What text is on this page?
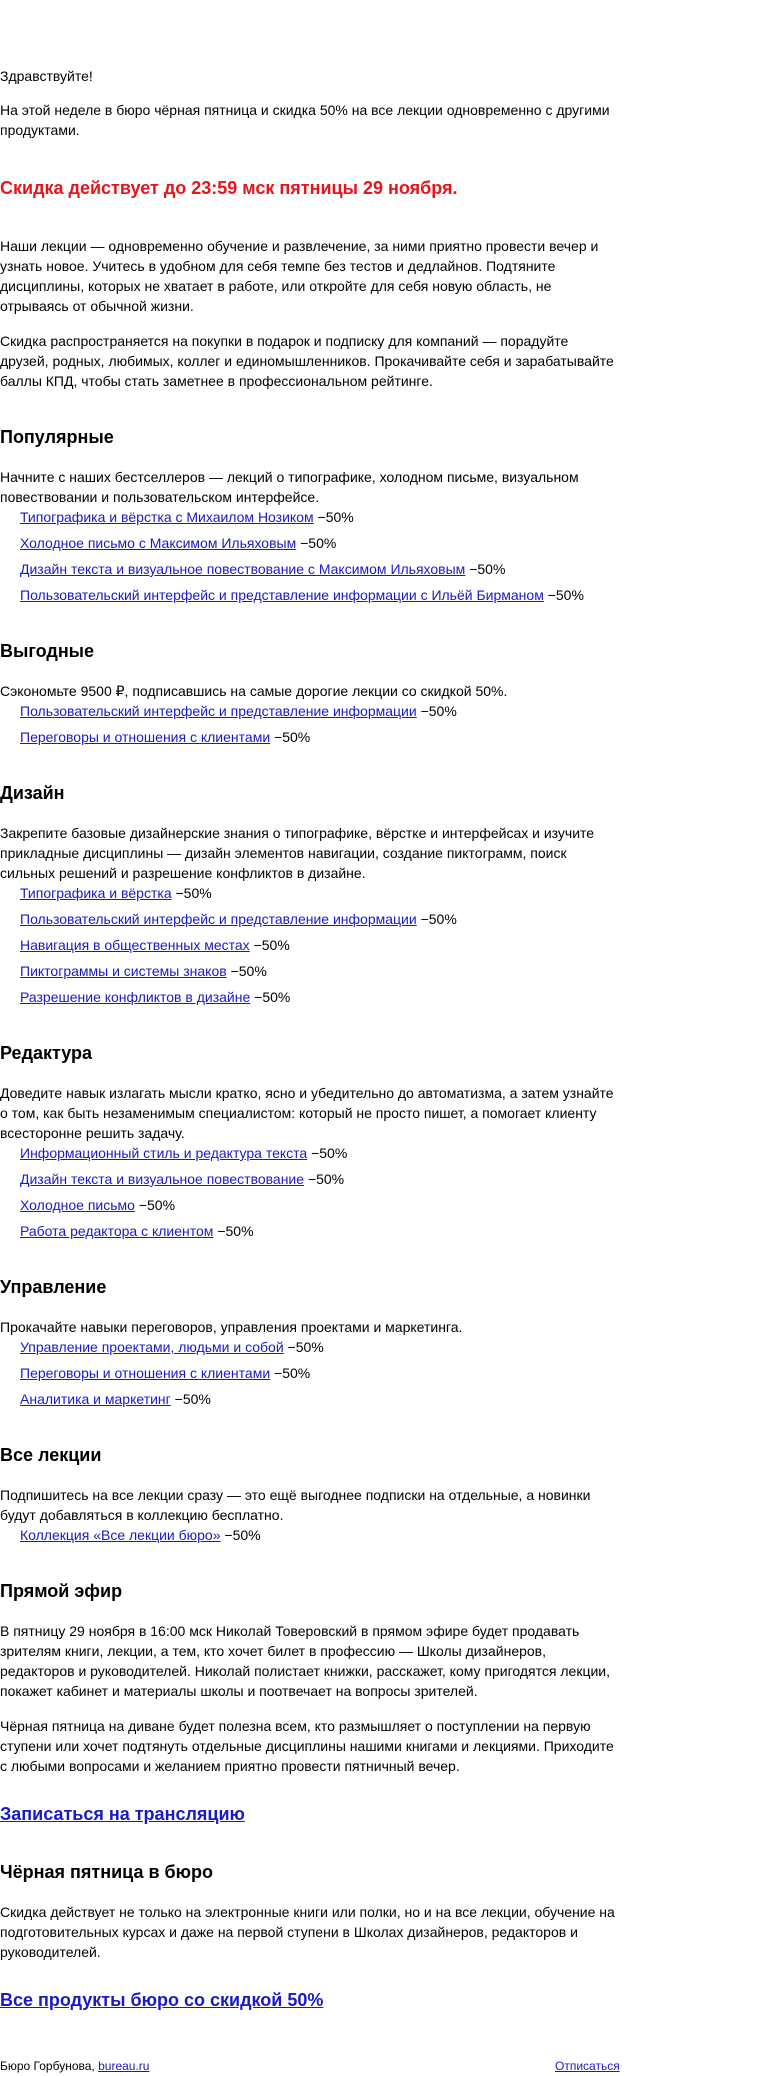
Здравствуйте!

На этой неделе в бюро чёрная пятница и скидка 50% на все лекции одновременно с другими продуктами.

Скидка действует до 23:59 мск пятницы 29 ноября.

Наши лекции — одновременно обучение и развлечение, за ними приятно провести вечер и узнать новое. Учитесь в удобном для себя темпе без тестов и дедлайнов. Подтяните дисциплины, которых не хватает в работе, или откройте для себя новую область, не отрываясь от обычной жизни.

Скидка распространяется на покупки в подарок и подписку для компаний — порадуйте друзей, родных, любимых, коллег и единомышленников. Прокачивайте себя и зарабатывайте баллы КПД, чтобы стать заметнее в профессиональном рейтинге.

Популярные

Начните с наших бестселлеров — лекций о типографике, холодном письме, визуальном повествовании и пользовательском интерфейсе.

Типографика и вёрстка с Михаилом Нозиком −50%
Холодное письмо с Максимом Ильяховым −50%
Дизайн текста и визуальное повествование с Максимом Ильяховым −50%
Пользовательский интерфейс и представление информации с Ильёй Бирманом −50%
Выгодные

Сэкономьте 9500 ₽, подписавшись на самые дорогие лекции со скидкой 50%.

Пользовательский интерфейс и представление информации −50%
Переговоры и отношения с клиентами −50%
Дизайн

Закрепите базовые дизайнерские знания о типографике, вёрстке и интерфейсах и изучите прикладные дисциплины — дизайн элементов навигации, создание пиктограмм, поиск сильных решений и разрешение конфликтов в дизайне.

Типографика и вёрстка −50%
Пользовательский интерфейс и представление информации −50%
Навигация в общественных местах −50%
Пиктограммы и системы знаков −50%
Разрешение конфликтов в дизайне −50%
Редактура

Доведите навык излагать мысли кратко, ясно и убедительно до автоматизма, а затем узнайте о том, как быть незаменимым специалистом: который не просто пишет, а помогает клиенту всесторонне решить задачу.

Информационный стиль и редактура текста −50%
Дизайн текста и визуальное повествование −50%
Холодное письмо −50%
Работа редактора с клиентом −50%
Управление

Прокачайте навыки переговоров, управления проектами и маркетинга.

Управление проектами, людьми и собой −50%
Переговоры и отношения с клиентами −50%
Аналитика и маркетинг −50%
Все лекции

Подпишитесь на все лекции сразу — это ещё выгоднее подписки на отдельные, а новинки будут добавляться в коллекцию бесплатно.

Коллекция «Все лекции бюро» −50%
Прямой эфир

В пятницу 29 ноября в 16:00 мск Николай Товеровский в прямом эфире будет продавать зрителям книги, лекции, а тем, кто хочет билет в профессию — Школы дизайнеров, редакторов и руководителей. Николай полистает книжки, расскажет, кому пригодятся лекции, покажет кабинет и материалы школы и поотвечает на вопросы зрителей.

Чёрная пятница на диване будет полезна всем, кто размышляет о поступлении на первую ступени или хочет подтянуть отдельные дисциплины нашими книгами и лекциями. Приходите с любыми вопросами и желанием приятно провести пятничный вечер.

Записаться на трансляцию
Чёрная пятница в бюро

Скидка действует не только на электронные книги или полки, но и на все лекции, обучение на подготовительных курсах и даже на первой ступени в Школах дизайнеров, редакторов и руководителей.

Все продукты бюро со скидкой 50%
Бюро Горбунова, bureau.ru	Отписаться
